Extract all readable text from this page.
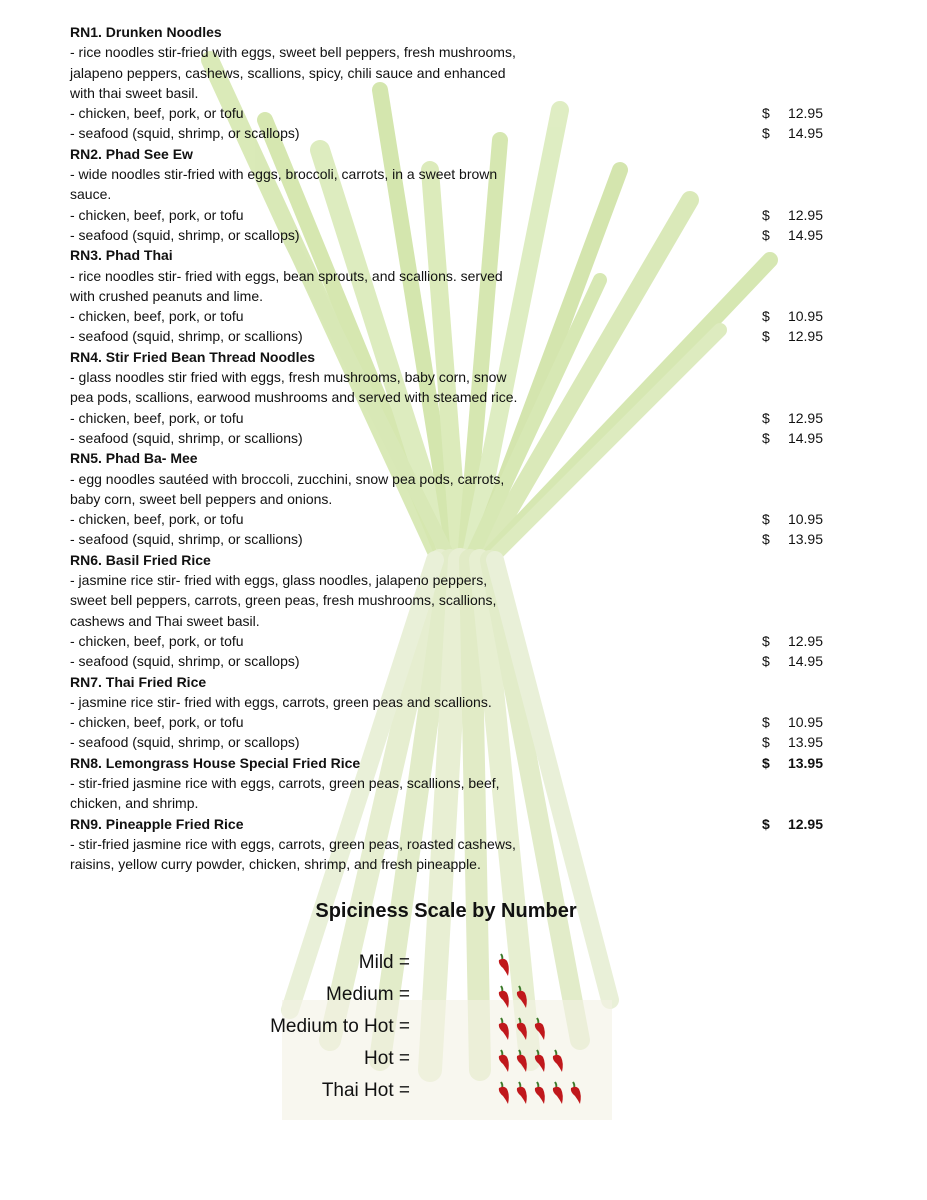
RN1. Drunken Noodles
- rice noodles stir-fried with eggs, sweet bell peppers, fresh mushrooms,
jalapeno peppers, cashews, scallions, spicy, chili sauce and enhanced
with thai sweet basil.
- chicken, beef, pork, or tofu	$ 12.95
- seafood (squid, shrimp, or scallops)	$ 14.95
RN2. Phad See Ew
- wide noodles stir-fried with eggs, broccoli, carrots, in a sweet brown
sauce.
- chicken, beef, pork, or tofu	$ 12.95
- seafood (squid, shrimp, or scallops)	$ 14.95
RN3. Phad Thai
- rice noodles stir- fried with eggs, bean sprouts, and scallions. served
with crushed peanuts and lime.
- chicken, beef, pork, or tofu	$ 10.95
- seafood (squid, shrimp, or scallions)	$ 12.95
RN4. Stir Fried Bean Thread Noodles
- glass noodles stir fried with eggs, fresh mushrooms, baby corn, snow
pea pods, scallions, earwood mushrooms and served with steamed rice.
- chicken, beef, pork, or tofu	$ 12.95
- seafood (squid, shrimp, or scallions)	$ 14.95
RN5. Phad Ba- Mee
- egg noodles sautéed with broccoli, zucchini, snow pea pods, carrots,
baby corn, sweet bell peppers and onions.
- chicken, beef, pork, or tofu	$ 10.95
- seafood (squid, shrimp, or scallions)	$ 13.95
RN6. Basil Fried Rice
- jasmine rice stir- fried with eggs, glass noodles, jalapeno peppers,
sweet bell peppers, carrots, green peas, fresh mushrooms, scallions,
cashews and Thai sweet basil.
- chicken, beef, pork, or tofu	$ 12.95
- seafood (squid, shrimp, or scallops)	$ 14.95
RN7. Thai Fried Rice
- jasmine rice stir- fried with eggs, carrots, green peas and scallions.
- chicken, beef, pork, or tofu	$ 10.95
- seafood (squid, shrimp, or scallops)	$ 13.95
RN8. Lemongrass House Special Fried Rice	$ 13.95
- stir-fried jasmine rice with eggs, carrots, green peas, scallions, beef,
chicken, and shrimp.
RN9. Pineapple Fried Rice	$ 12.95
- stir-fried jasmine rice with eggs, carrots, green peas, roasted cashews,
raisins, yellow curry powder, chicken, shrimp, and fresh pineapple.
Spiciness Scale by Number
Mild =
Medium =
Medium to Hot =
Hot =
Thai Hot =
